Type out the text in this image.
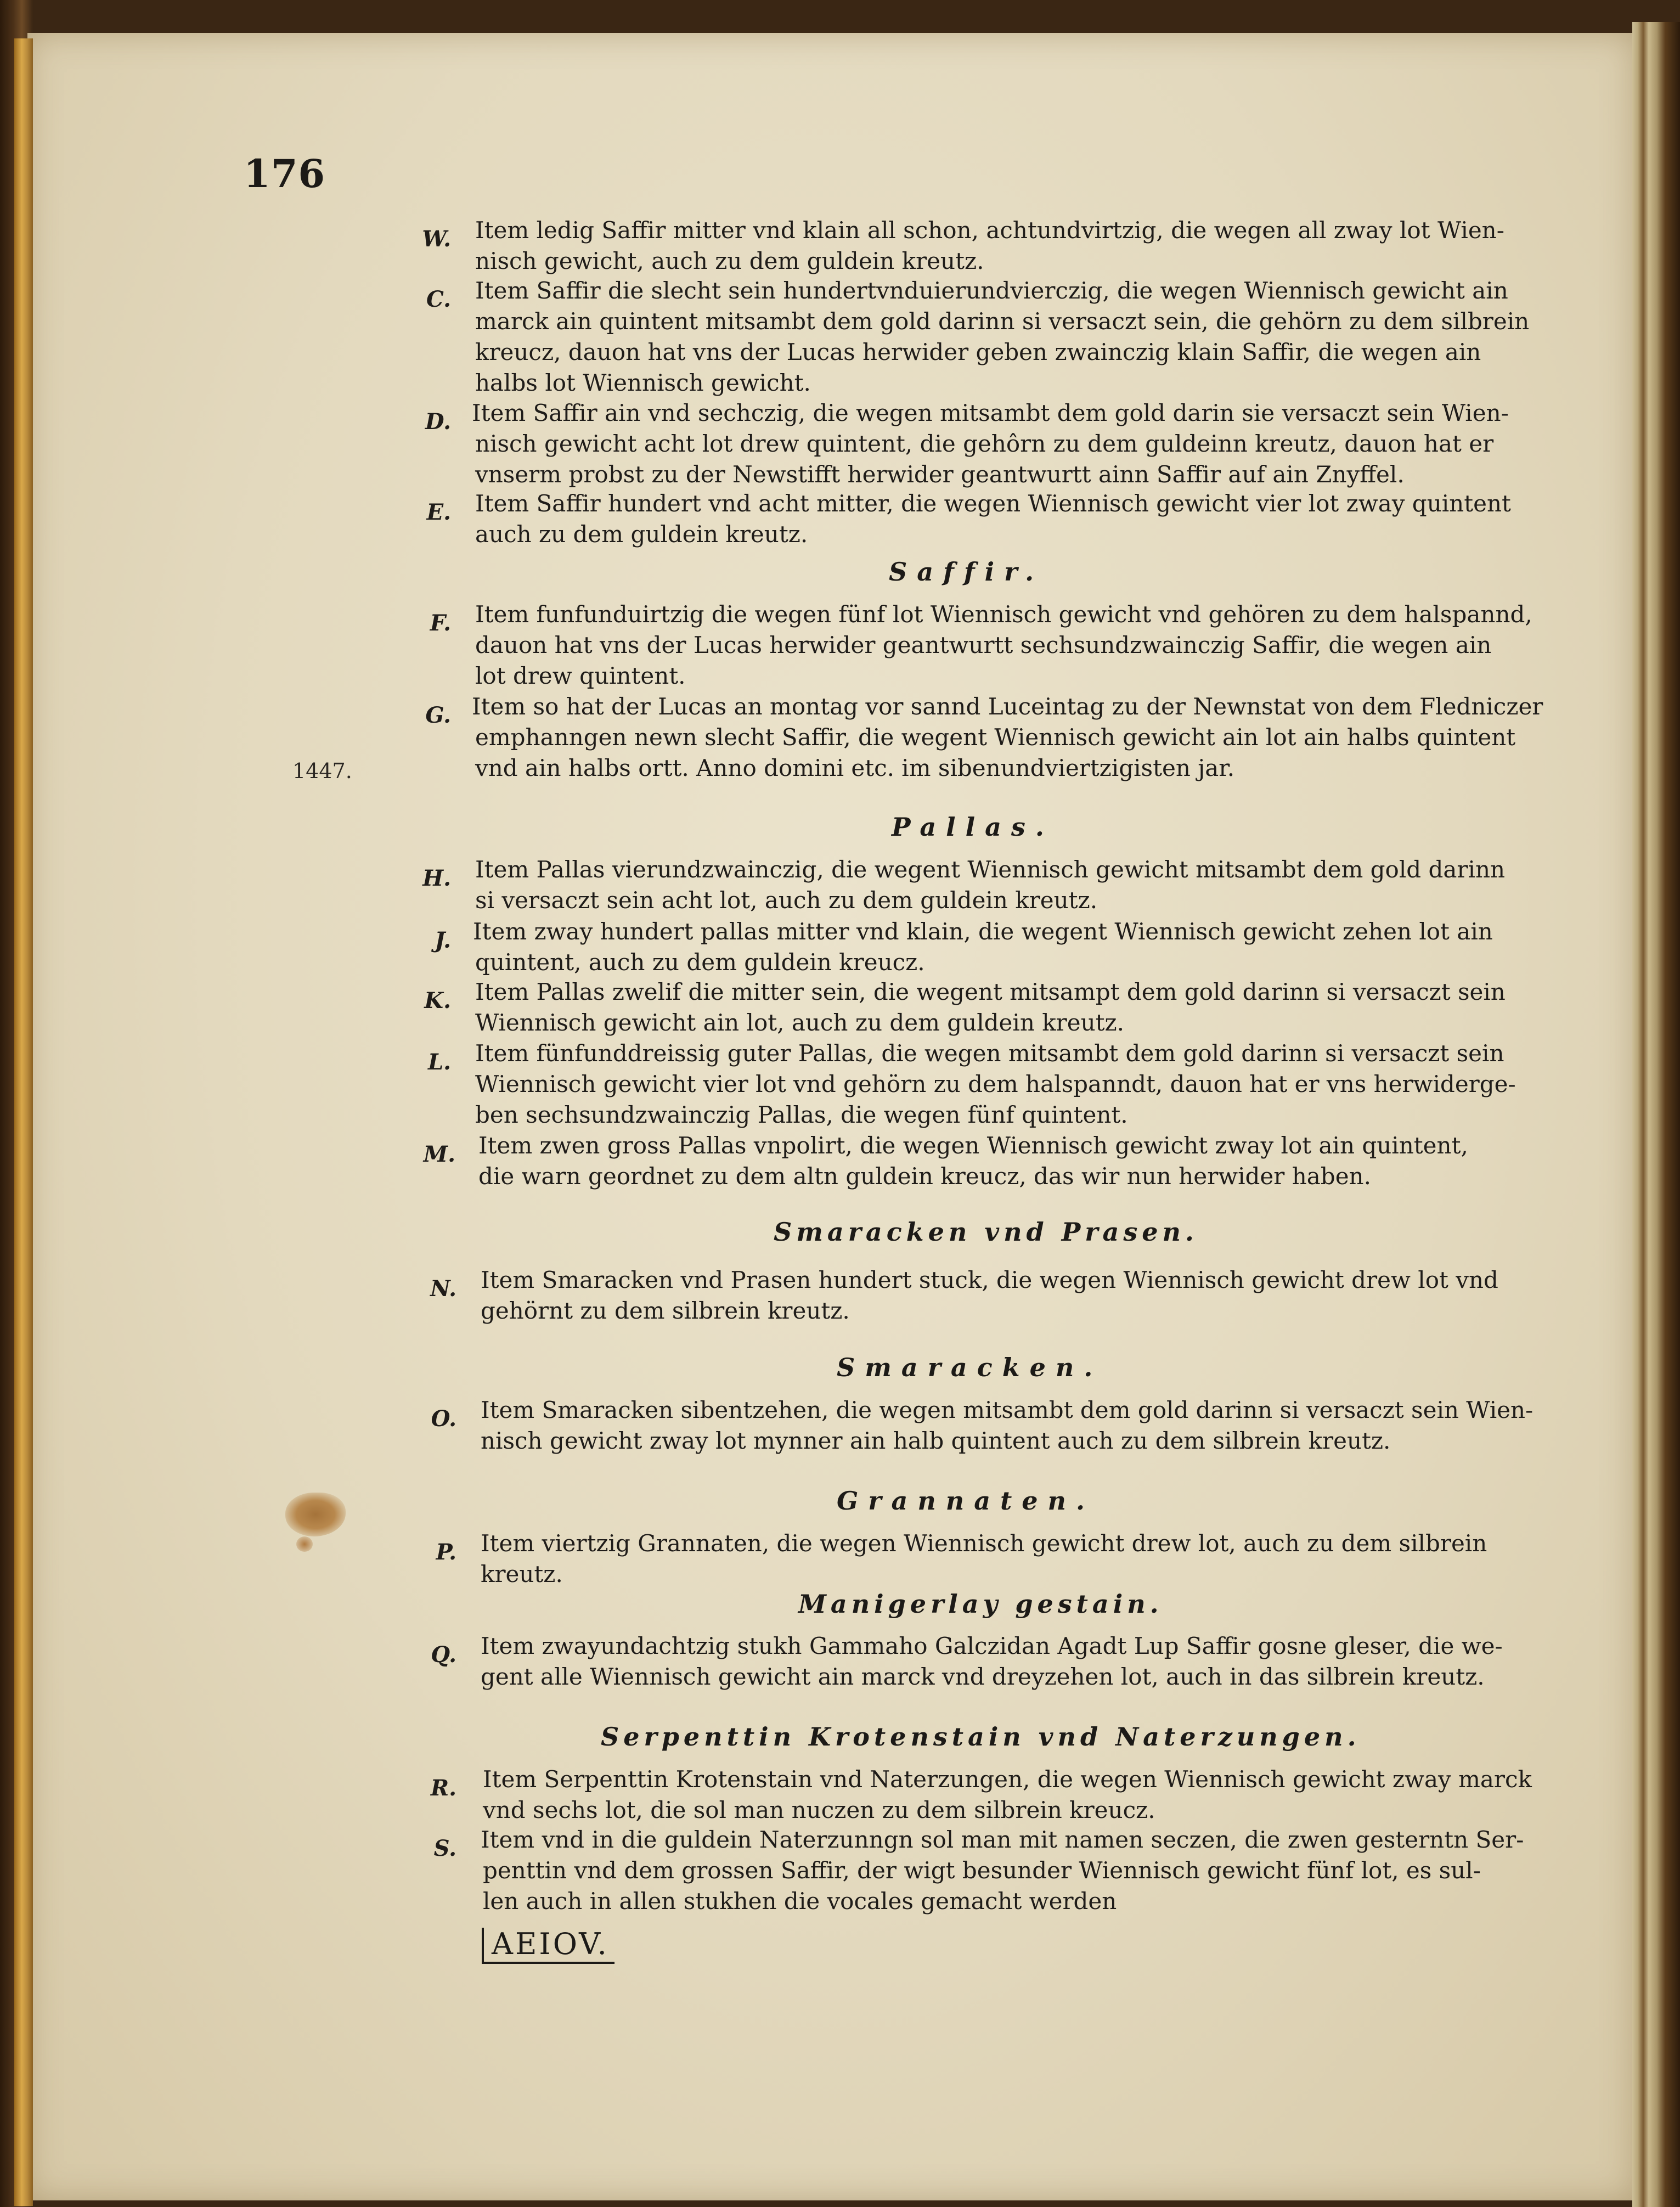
176
1447.
W. Item ledig Saffir mitter vnd klain all schon, achtundvirtzig, die wegen all zway lot Wien-

nisch gewicht, auch zu dem guldein kreutz.

C. Item Saffir die slecht sein hundertvnduierundvierczig, die wegen Wiennisch gewicht ain

marck ain quintent mitsambt dem gold darinn si versaczt sein, die gehörn zu dem silbrein

kreucz, dauon hat vns der Lucas herwider geben zwainczig klain Saffir, die wegen ain

halbs lot Wiennisch gewicht.

D. Item Saffir ain vnd sechczig, die wegen mitsambt dem gold darin sie versaczt sein Wien-

nisch gewicht acht lot drew quintent, die gehôrn zu dem guldeinn kreutz, dauon hat er

vnserm probst zu der Newstifft herwider geantwurtt ainn Saffir auf ain Znyffel.

E. Item Saffir hundert vnd acht mitter, die wegen Wiennisch gewicht vier lot zway quintent

auch zu dem guldein kreutz.

Saffir.
F. Item funfunduirtzig die wegen fünf lot Wiennisch gewicht vnd gehören zu dem halspannd,

dauon hat vns der Lucas herwider geantwurtt sechsundzwainczig Saffir, die wegen ain

lot drew quintent.

G. Item so hat der Lucas an montag vor sannd Luceintag zu der Newnstat von dem Fledniczer

emphanngen newn slecht Saffir, die wegent Wiennisch gewicht ain lot ain halbs quintent

vnd ain halbs ortt. Anno domini etc. im sibenundviertzigisten jar.

Pallas.
H. Item Pallas vierundzwainczig, die wegent Wiennisch gewicht mitsambt dem gold darinn

si versaczt sein acht lot, auch zu dem guldein kreutz.

J. Item zway hundert pallas mitter vnd klain, die wegent Wiennisch gewicht zehen lot ain

quintent, auch zu dem guldein kreucz.

K. Item Pallas zwelif die mitter sein, die wegent mitsampt dem gold darinn si versaczt sein

Wiennisch gewicht ain lot, auch zu dem guldein kreutz.

L. Item fünfunddreissig guter Pallas, die wegen mitsambt dem gold darinn si versaczt sein

Wiennisch gewicht vier lot vnd gehörn zu dem halspanndt, dauon hat er vns herwiderge-

ben sechsundzwainczig Pallas, die wegen fünf quintent.

M. Item zwen gross Pallas vnpolirt, die wegen Wiennisch gewicht zway lot ain quintent,

die warn geordnet zu dem altn guldein kreucz, das wir nun herwider haben.

Smaracken vnd Prasen.
N. Item Smaracken vnd Prasen hundert stuck, die wegen Wiennisch gewicht drew lot vnd

gehörnt zu dem silbrein kreutz.

Smaracken.
O. Item Smaracken sibentzehen, die wegen mitsambt dem gold darinn si versaczt sein Wien-

nisch gewicht zway lot mynner ain halb quintent auch zu dem silbrein kreutz.

Grannaten.
P. Item viertzig Grannaten, die wegen Wiennisch gewicht drew lot, auch zu dem silbrein

kreutz.

Manigerlay gestain.
Q. Item zwayundachtzig stukh Gammaho Galczidan Agadt Lup Saffir gosne gleser, die we-

gent alle Wiennisch gewicht ain marck vnd dreyzehen lot, auch in das silbrein kreutz.

Serpenttin Krotenstain vnd Naterzungen.
R. Item Serpenttin Krotenstain vnd Naterzungen, die wegen Wiennisch gewicht zway marck

vnd sechs lot, die sol man nuczen zu dem silbrein kreucz.

S. Item vnd in die guldein Naterzunngn sol man mit namen seczen, die zwen gesterntn Ser-

penttin vnd dem grossen Saffir, der wigt besunder Wiennisch gewicht fünf lot, es sul-

len auch in allen stukhen die vocales gemacht werden

AEIOV.
